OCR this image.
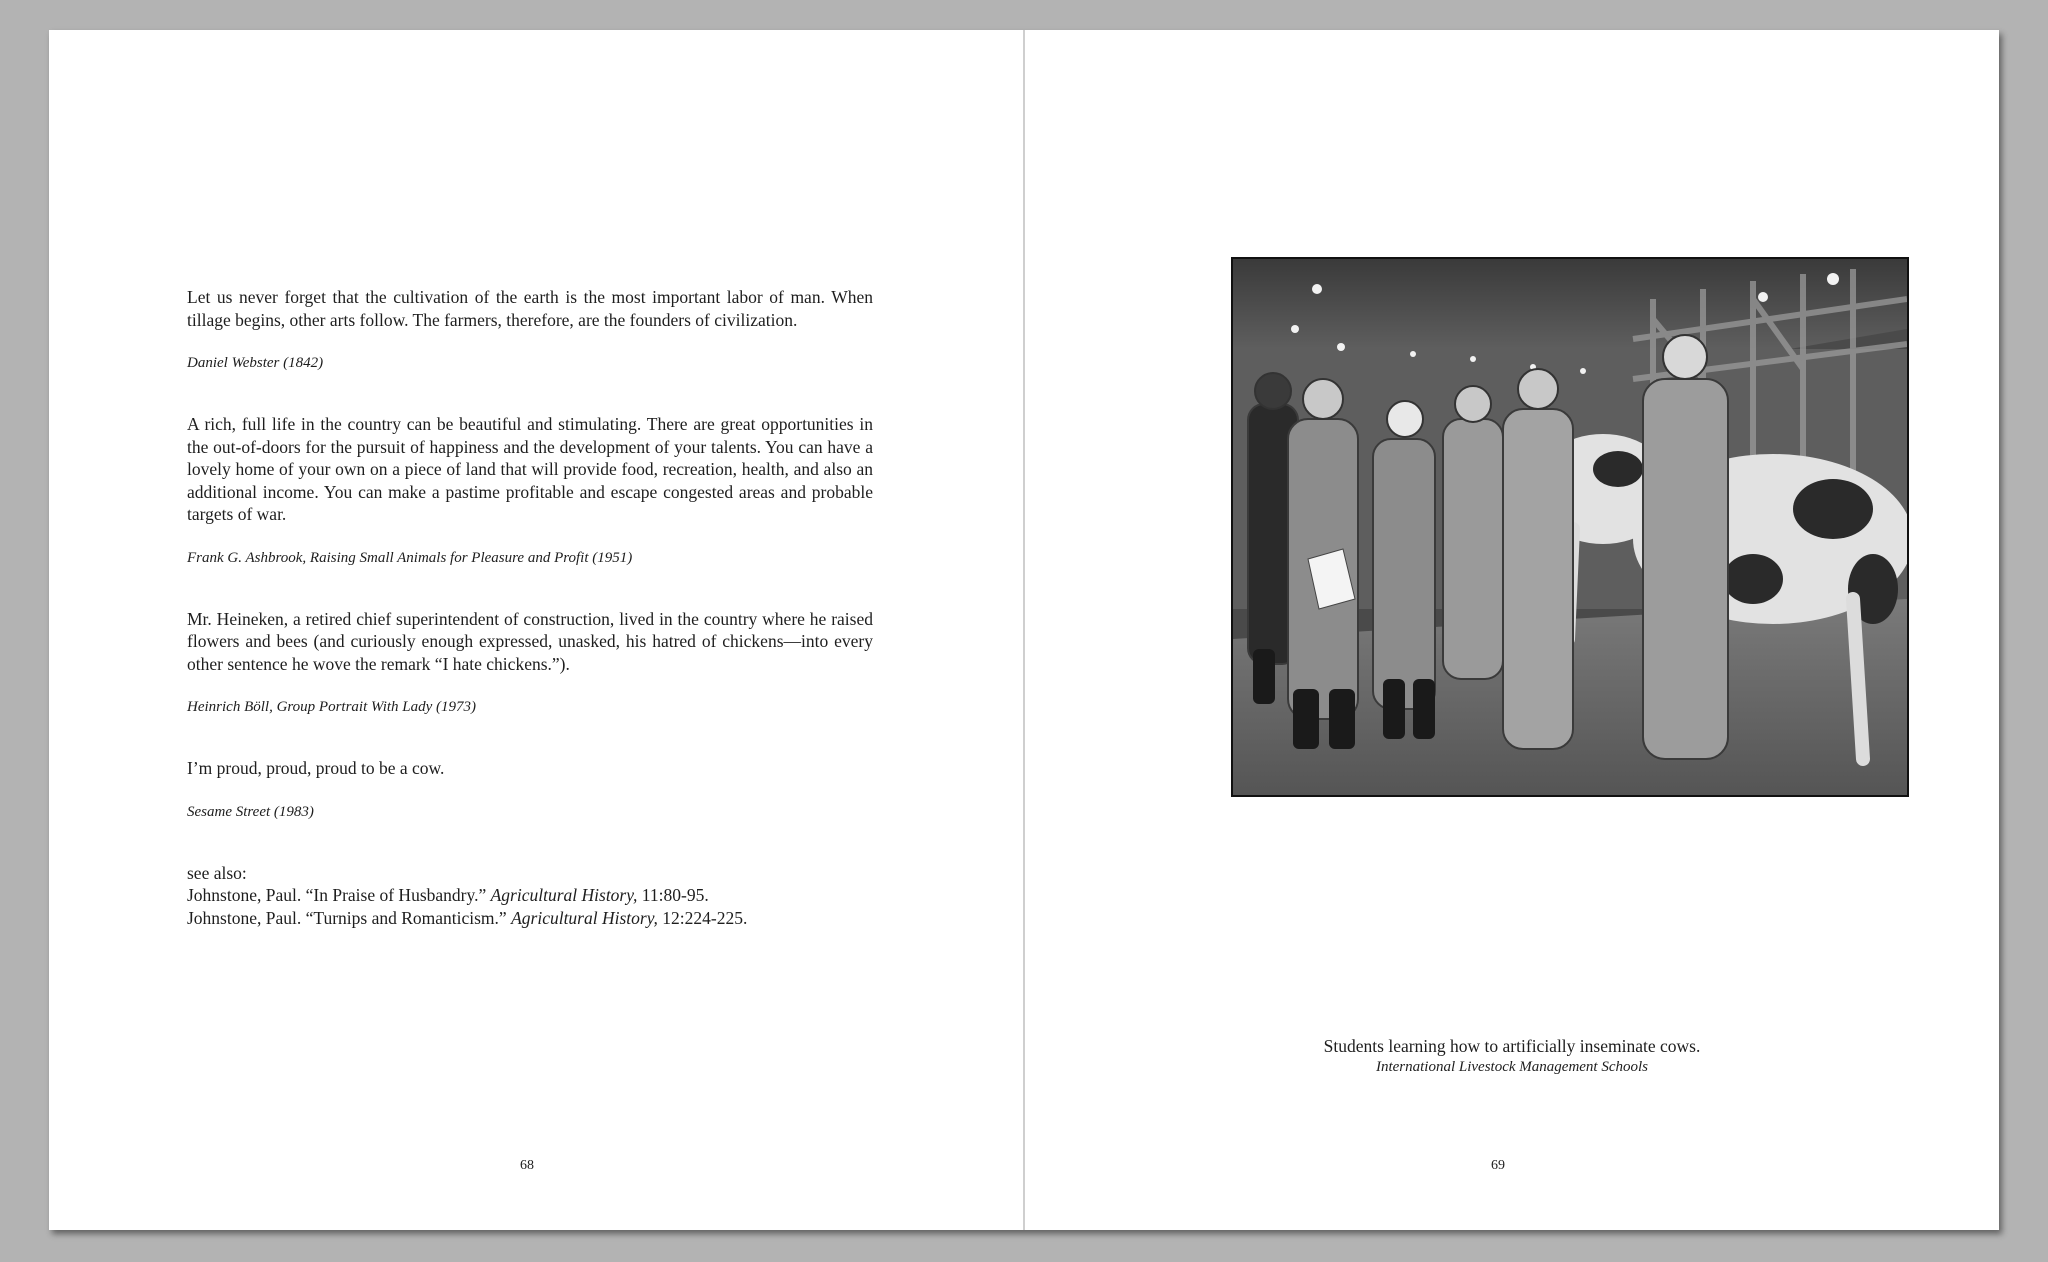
Let us never forget that the cultivation of the earth is the most important labor of man. When tillage begins, other arts follow. The farmers, therefore, are the founders of civilization.

Daniel Webster (1842)

A rich, full life in the country can be beautiful and stimulating. There are great opportunities in the out-of-doors for the pursuit of happiness and the development of your talents. You can have a lovely home of your own on a piece of land that will provide food, recreation, health, and also an additional income. You can make a pastime profitable and escape congested areas and probable targets of war.

Frank G. Ashbrook, Raising Small Animals for Pleasure and Profit (1951)

Mr. Heineken, a retired chief superintendent of construction, lived in the country where he raised flowers and bees (and curiously enough expressed, unasked, his hatred of chickens—into every other sentence he wove the remark “I hate chickens.”).

Heinrich Böll, Group Portrait With Lady (1973)

I’m proud, proud, proud to be a cow.

Sesame Street (1983)

see also:
Johnstone, Paul. “In Praise of Husbandry.” Agricultural History, 11:80-95.
Johnstone, Paul. “Turnips and Romanticism.” Agricultural History, 12:224-225.
68
Students learning how to artificially inseminate cows.
International Livestock Management Schools
69
